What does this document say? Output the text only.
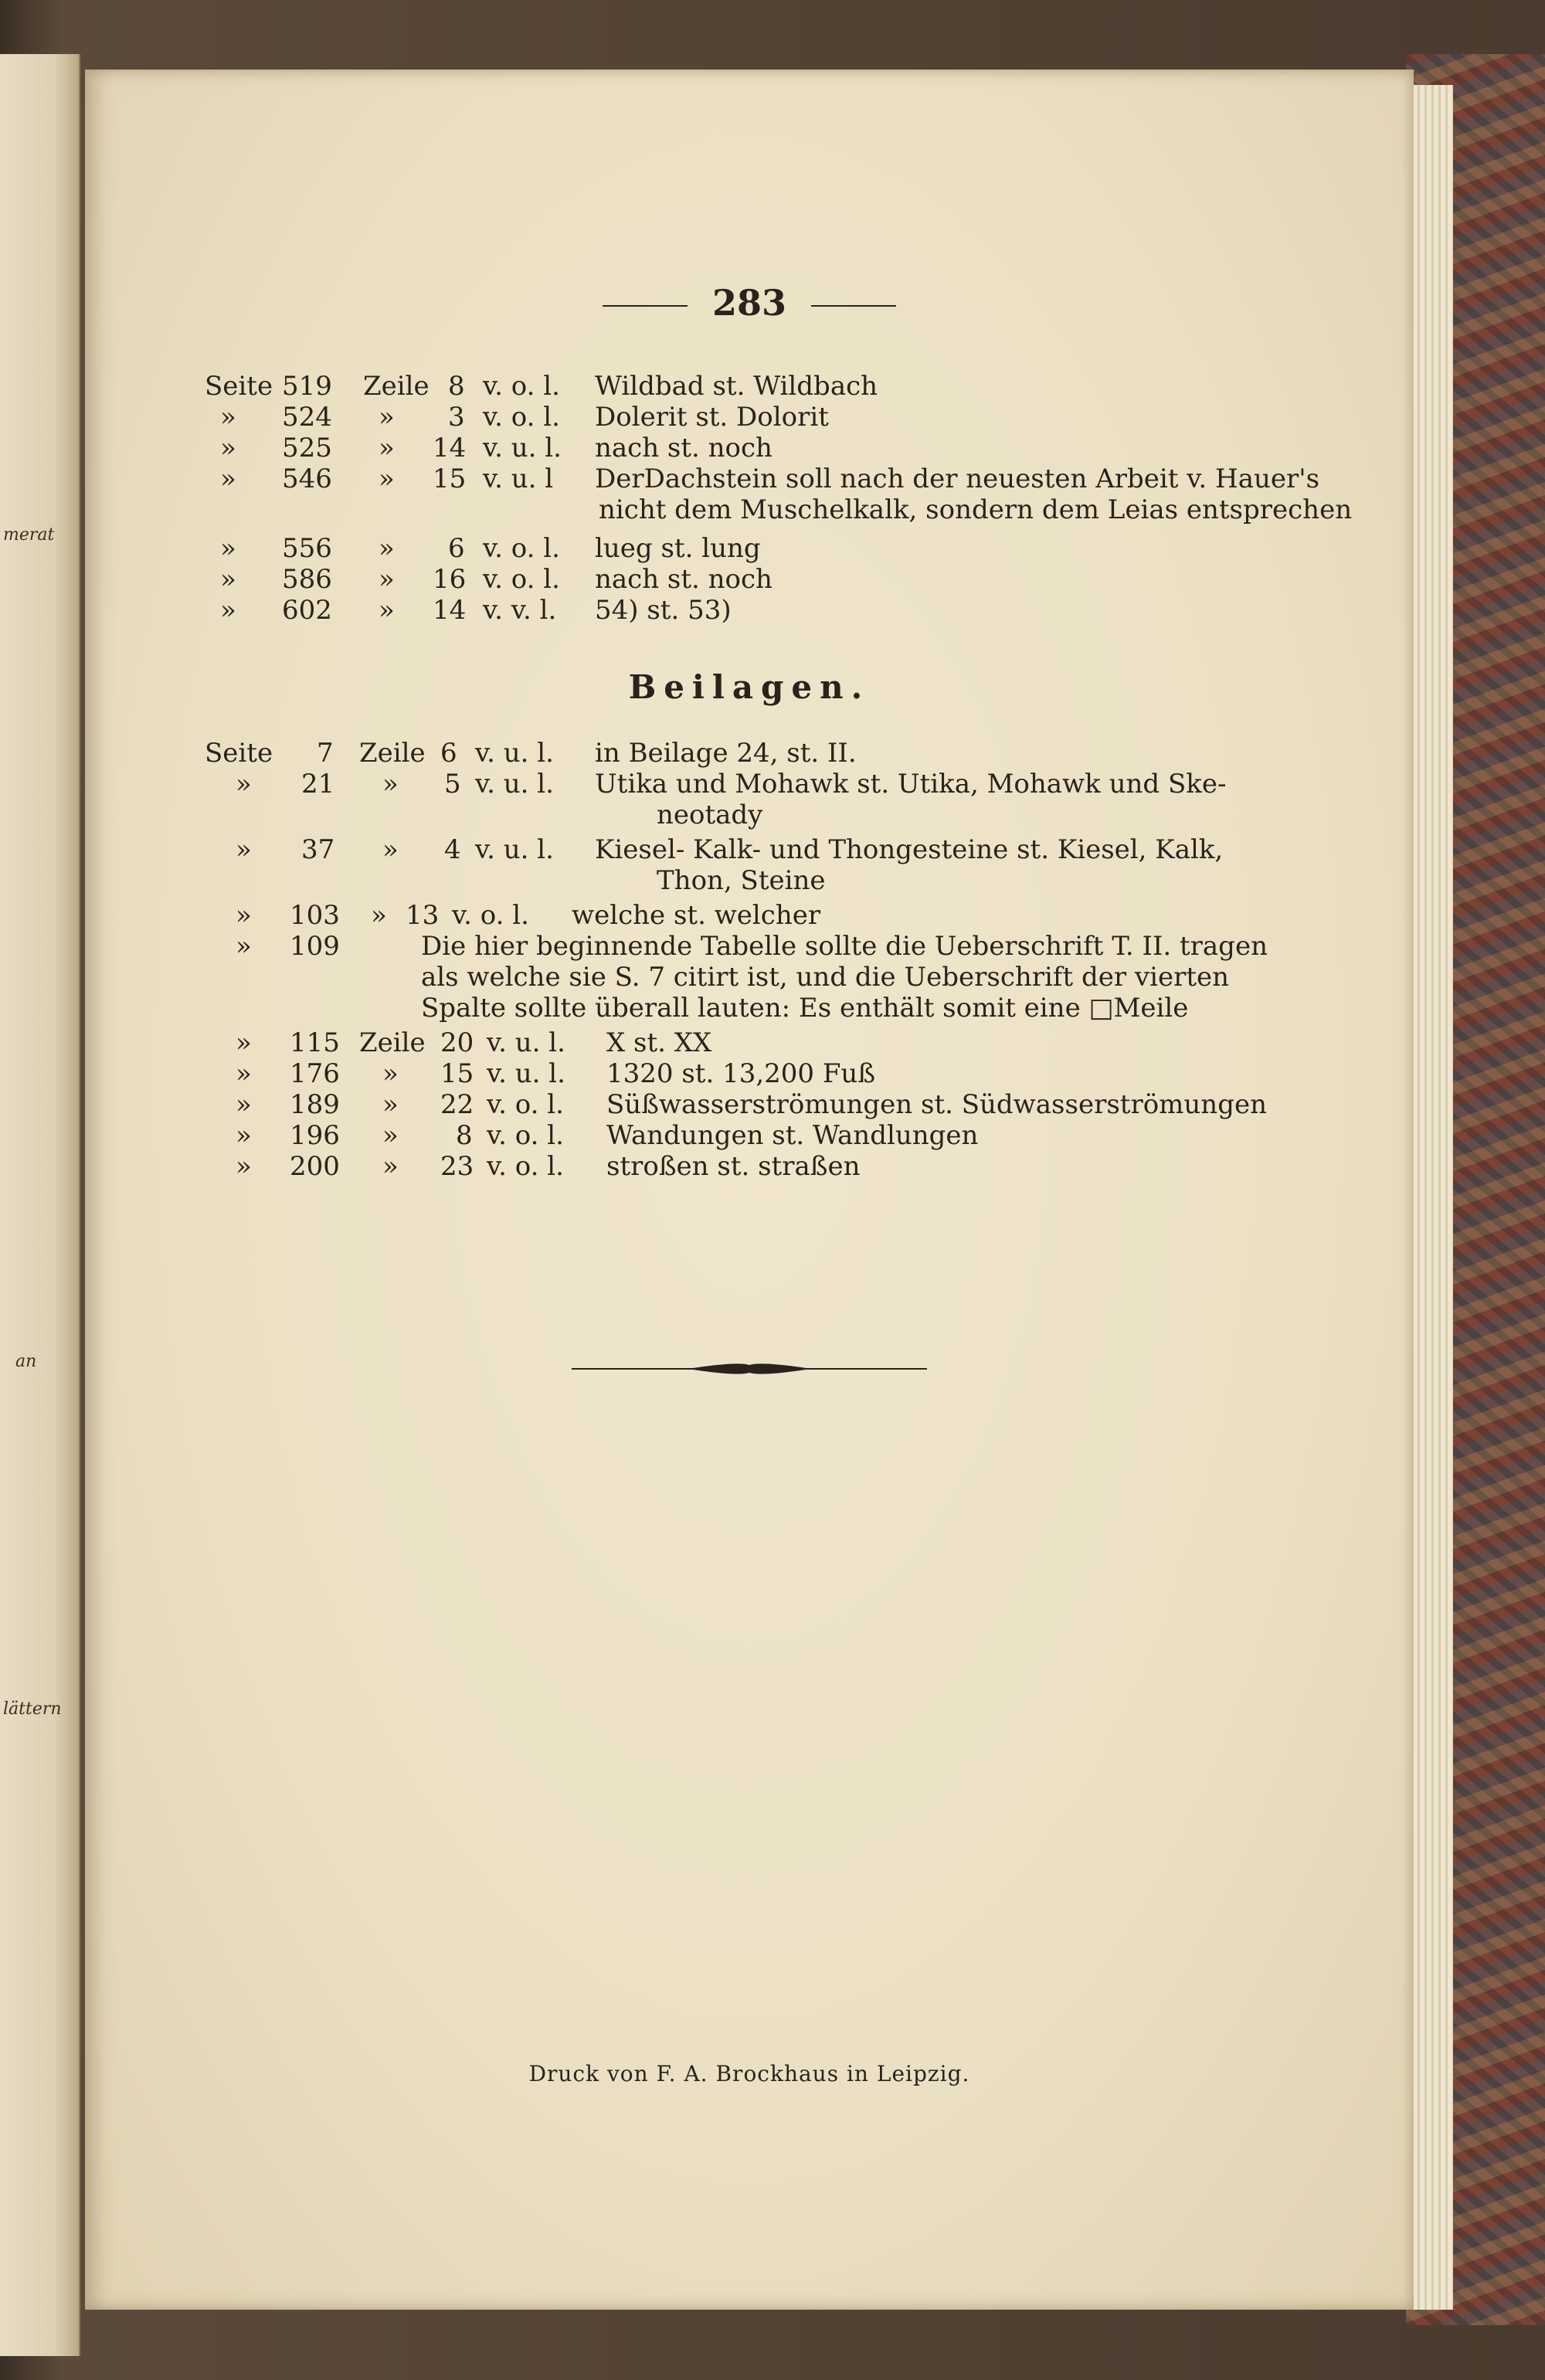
merat
an
lättern
283
Seite 519 Zeile 8 v. o. l. Wildbad st. Wildbach
» 524 » 3 v. o. l. Dolerit st. Dolorit
» 525 » 14 v. u. l. nach st. noch
» 546 » 15 v. u. l DerDachstein soll nach der neuesten Arbeit v. Hauer's
nicht dem Muschelkalk, sondern dem Leias entsprechen
» 556 » 6 v. o. l. lueg st. lung
» 586 » 16 v. o. l. nach st. noch
» 602 » 14 v. v. l. 54) st. 53)
Beilagen.
Seite 7 Zeile 6 v. u. l. in Beilage 24, st. II.
» 21 » 5 v. u. l. Utika und Mohawk st. Utika, Mohawk und Ske-
neotady
» 37 » 4 v. u. l. Kiesel- Kalk- und Thongesteine st. Kiesel, Kalk,
Thon, Steine
» 103 » 13 v. o. l. welche st. welcher
» 109	Die hier beginnende Tabelle sollte die Ueberschrift T. II. tragen
als welche sie S. 7 citirt ist, und die Ueberschrift der vierten
Spalte sollte überall lauten: Es enthält somit eine □Meile
» 115 Zeile 20 v. u. l. X st. XX
» 176 » 15 v. u. l. 1320 st. 13,200 Fuß
» 189 » 22 v. o. l. Süßwasserströmungen st. Südwasserströmungen
» 196 » 8 v. o. l. Wandungen st. Wandlungen
» 200 » 23 v. o. l. stroßen st. straßen
Druck von F. A. Brockhaus in Leipzig.
